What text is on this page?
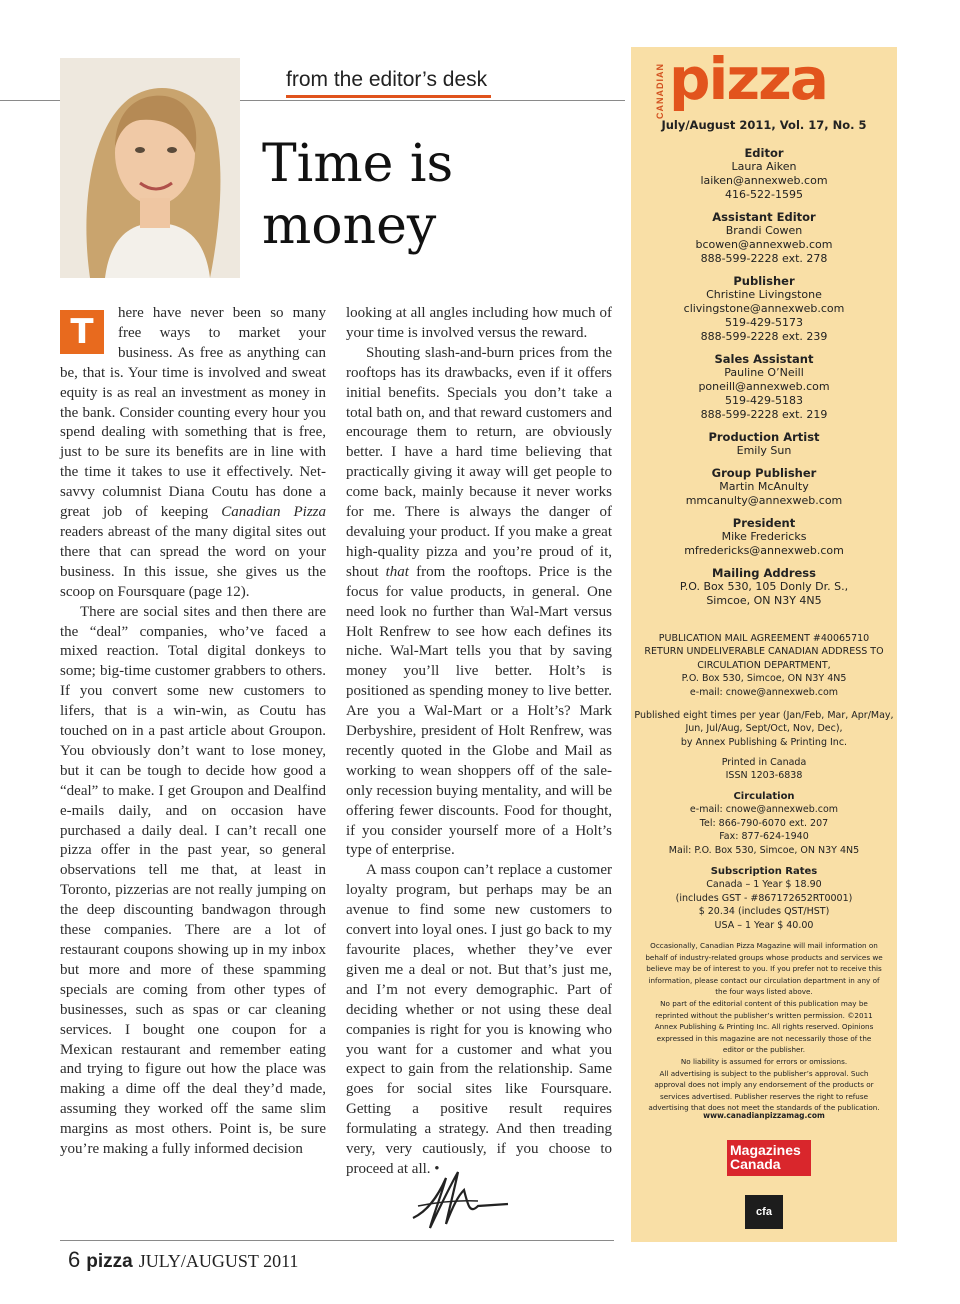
from the editor’s desk
Time is
money

T	here have never been so many free ways to market your business. As free as anything can be, that is. Your time is involved and sweat equity is as real an investment as money in the bank. Consider counting every hour you spend dealing with something that is free, just to be sure its benefits are in line with the time it takes to use it effectively. Net-savvy columnist Diana Coutu has done a great job of keeping Canadian Pizza readers abreast of the many digital sites out there that can spread the word on your business. In this issue, she gives us the scoop on Foursquare (page 12).

There are social sites and then there are the “deal” companies, who’ve faced a mixed reaction. Total digital donkeys to some; big-time customer grabbers to others. If you convert some new customers to lifers, that is a win-win, as Coutu has touched on in a past article about Groupon. You obviously don’t want to lose money, but it can be tough to decide how good a “deal” to make. I get Groupon and Dealfind e-mails daily, and on occasion have purchased a daily deal. I can’t recall one pizza offer in the past year, so general observations tell me that, at least in Toronto, pizzerias are not really jumping on the deep discounting bandwagon through these companies. There are a lot of restaurant coupons showing up in my inbox but more and more of these spamming specials are coming from other types of businesses, such as spas or car cleaning services. I bought one coupon for a Mexican restaurant and remember eating and trying to figure out how the place was making a dime off the deal they’d made, assuming they worked off the same slim margins as most others. Point is, be sure you’re making a fully informed decision

looking at all angles including how much of your time is involved versus the reward.

Shouting slash-and-burn prices from the rooftops has its drawbacks, even if it offers initial benefits. Specials you don’t take a total bath on, and that reward customers and encourage them to return, are obviously better. I have a hard time believing that practically giving it away will get people to come back, mainly because it never works for me. There is always the danger of devaluing your product. If you make a great high-quality pizza and you’re proud of it, shout that from the rooftops. Price is the focus for value products, in general. One need look no further than Wal-Mart versus Holt Renfrew to see how each defines its niche. Wal-Mart tells you that by saving money you’ll live better. Holt’s is positioned as spending money to live better. Are you a Wal-Mart or a Holt’s? Mark Derbyshire, president of Holt Renfrew, was recently quoted in the Globe and Mail as working to wean shoppers off of the sale-only recession buying mentality, and will be offering fewer discounts. Food for thought, if you consider yourself more of a Holt’s type of enterprise.

A mass coupon can’t replace a customer loyalty program, but perhaps may be an avenue to find some new customers to convert into loyal ones. I just go back to my favourite places, whether they’ve ever given me a deal or not. But that’s just me, and I’m not every demographic. Part of deciding whether or not using these deal companies is right for you is knowing who you want for a customer and what you expect to gain from the relationship. Same goes for social sites like Foursquare. Getting a positive result requires formulating a strategy. And then treading very, very cautiously, if you choose to proceed at all. •

6 pizza JULY/AUGUST 2011
CANADIAN pizza
July/August 2011, Vol. 17, No. 5
Editor
Laura Aiken
laiken@annexweb.com
416-522-1595
Assistant Editor
Brandi Cowen
bcowen@annexweb.com
888-599-2228 ext. 278
Publisher
Christine Livingstone
clivingstone@annexweb.com
519-429-5173
888-599-2228 ext. 239
Sales Assistant
Pauline O’Neill
poneill@annexweb.com
519-429-5183
888-599-2228 ext. 219
Production Artist
Emily Sun
Group Publisher
Martin McAnulty
mmcanulty@annexweb.com
President
Mike Fredericks
mfredericks@annexweb.com
Mailing Address
P.O. Box 530, 105 Donly Dr. S.,
Simcoe, ON N3Y 4N5
PUBLICATION MAIL AGREEMENT #40065710
RETURN UNDELIVERABLE CANADIAN ADDRESS TO
CIRCULATION DEPARTMENT,
P.O. Box 530, Simcoe, ON N3Y 4N5
e-mail: cnowe@annexweb.com
Published eight times per year (Jan/Feb, Mar, Apr/May,
Jun, Jul/Aug, Sept/Oct, Nov, Dec),
by Annex Publishing & Printing Inc.
Printed in Canada
ISSN 1203-6838
Circulation
e-mail: cnowe@annexweb.com
Tel: 866-790-6070 ext. 207
Fax: 877-624-1940
Mail: P.O. Box 530, Simcoe, ON N3Y 4N5
Subscription Rates
Canada – 1 Year $ 18.90
(includes GST - #867172652RT0001)
$ 20.34 (includes QST/HST)
USA – 1 Year $ 40.00
Occasionally, Canadian Pizza Magazine will mail information on behalf of industry-related groups whose products and services we believe may be of interest to you. If you prefer not to receive this information, please contact our circulation department in any of the four ways listed above.
No part of the editorial content of this publication may be reprinted without the publisher’s written permission. ©2011 Annex Publishing & Printing Inc. All rights reserved. Opinions expressed in this magazine are not necessarily those of the editor or the publisher.
No liability is assumed for errors or omissions.
All advertising is subject to the publisher’s approval. Such approval does not imply any endorsement of the products or services advertised. Publisher reserves the right to refuse advertising that does not meet the standards of the publication.
www.canadianpizzamag.com
Magazines
Canada
cfa
